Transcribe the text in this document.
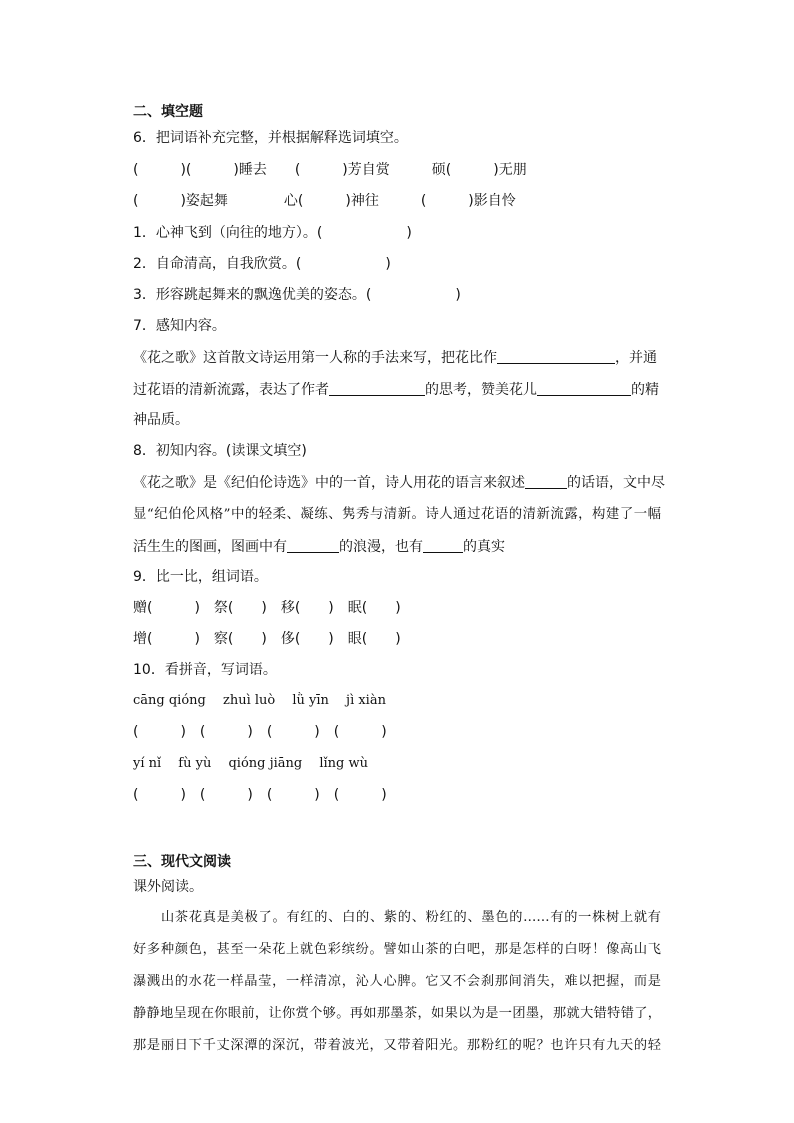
二、填空题
6．把词语补充完整，并根据解释选词填空。
(　　　)(　　　)睡去　　(　　　)芳自赏　　　硕(　　　)无朋
(　　　)姿起舞　　　　心(　　　)神往　　　(　　　)影自怜
1．心神飞到（向往的地方）。(　　　　　　)
2．自命清高，自我欣赏。(　　　　　　)
3．形容跳起舞来的飘逸优美的姿态。(　　　　　　)
7．感知内容。
《花之歌》这首散文诗运用第一人称的手法来写，把花比作	，并通
过花语的清新流露，表达了作者	的思考，赞美花儿	的精
神品质。
8．初知内容。(读课文填空)
《花之歌》是《纪伯伦诗选》中的一首，诗人用花的语言来叙述	的话语，文中尽
显“纪伯伦风格”中的轻柔、凝练、隽秀与清新。诗人通过花语的清新流露，构建了一幅
活生生的图画，图画中有	的浪漫，也有	的真实
9．比一比，组词语。
赠(　　　)　祭(　　)　移(　　)　眠(　　)
增(　　　)　察(　　)　侈(　　)　眼(　　)
10．看拼音，写词语。
cāng qióng　 zhuì luò　 lǜ yīn　 jì xiàn
(　　　)　(　　　)　(　　　)　(　　　)
yí nǐ　 fù yù　 qióng jiāng　 lǐng wù
(　　　)　(　　　)　(　　　)　(　　　)
三、现代文阅读
课外阅读。
山茶花真是美极了。有红的、白的、紫的、粉红的、墨色的……有的一株树上就有
好多种颜色，甚至一朵花上就色彩缤纷。譬如山茶的白吧，那是怎样的白呀！像高山飞
瀑溅出的水花一样晶莹，一样清凉，沁人心脾。它又不会刹那间消失，难以把握，而是
静静地呈现在你眼前，让你赏个够。再如那墨茶，如果以为是一团墨，那就大错特错了，
那是丽日下千丈深潭的深沉，带着波光，又带着阳光。那粉红的呢？也许只有九天的轻
